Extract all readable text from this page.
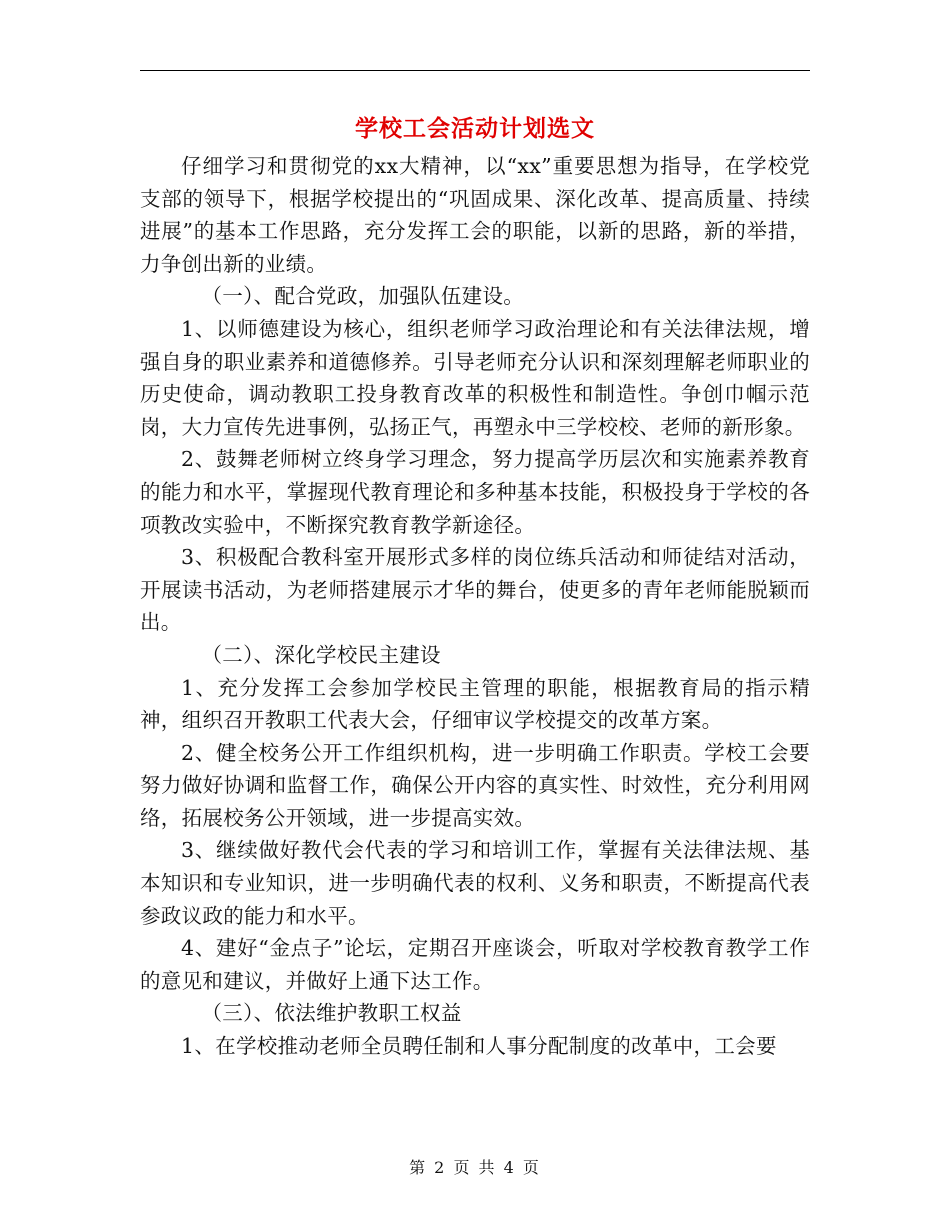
学校工会活动计划选文

仔细学习和贯彻党的xx大精神，以“xx”重要思想为指导，在学校党支部的领导下，根据学校提出的“巩固成果、深化改革、提高质量、持续进展”的基本工作思路，充分发挥工会的职能，以新的思路，新的举措，力争创出新的业绩。

（一）、配合党政，加强队伍建设。

1、以师德建设为核心，组织老师学习政治理论和有关法律法规，增强自身的职业素养和道德修养。引导老师充分认识和深刻理解老师职业的历史使命，调动教职工投身教育改革的积极性和制造性。争创巾帼示范岗，大力宣传先进事例，弘扬正气，再塑永中三学校校、老师的新形象。

2、鼓舞老师树立终身学习理念，努力提高学历层次和实施素养教育的能力和水平，掌握现代教育理论和多种基本技能，积极投身于学校的各项教改实验中，不断探究教育教学新途径。

3、积极配合教科室开展形式多样的岗位练兵活动和师徒结对活动，开展读书活动，为老师搭建展示才华的舞台，使更多的青年老师能脱颖而出。

（二）、深化学校民主建设

1、充分发挥工会参加学校民主管理的职能，根据教育局的指示精神，组织召开教职工代表大会，仔细审议学校提交的改革方案。

2、健全校务公开工作组织机构，进一步明确工作职责。学校工会要努力做好协调和监督工作，确保公开内容的真实性、时效性，充分利用网络，拓展校务公开领域，进一步提高实效。

3、继续做好教代会代表的学习和培训工作，掌握有关法律法规、基本知识和专业知识，进一步明确代表的权利、义务和职责，不断提高代表参政议政的能力和水平。

4、建好“金点子”论坛，定期召开座谈会，听取对学校教育教学工作的意见和建议，并做好上通下达工作。

（三）、依法维护教职工权益

1、在学校推动老师全员聘任制和人事分配制度的改革中，工会要

第 2 页 共 4 页
